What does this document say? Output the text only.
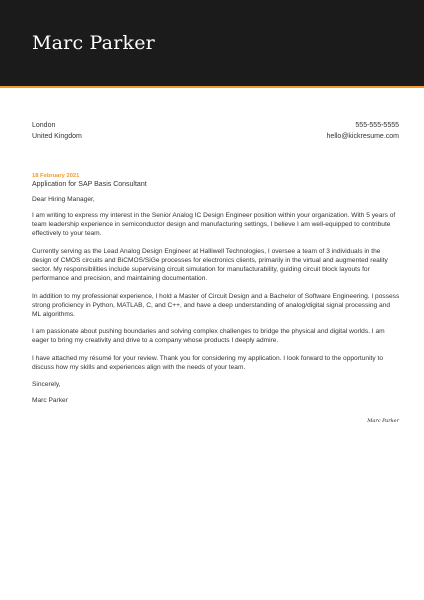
Marc Parker
London
United Kingdom
555-555-5555
hello@kickresume.com
18 February 2021
Application for SAP Basis Consultant

Dear Hiring Manager,

I am writing to express my interest in the Senior Analog IC Design Engineer position within your organization. With 5 years of team leadership experience in semiconductor design and manufacturing settings, I believe I am well-equipped to contribute effectively to your team.

Currently serving as the Lead Analog Design Engineer at Halliwell Technologies, I oversee a team of 3 individuals in the design of CMOS circuits and BiCMOS/SiGe processes for electronics clients, primarily in the virtual and augmented reality sector. My responsibilities include supervising circuit simulation for manufacturability, guiding circuit block layouts for performance and precision, and maintaining documentation.

In addition to my professional experience, I hold a Master of Circuit Design and a Bachelor of Software Engineering. I possess strong proficiency in Python, MATLAB, C, and C++, and have a deep understanding of analog/digital signal processing and ML algorithms.

I am passionate about pushing boundaries and solving complex challenges to bridge the physical and digital worlds. I am eager to bring my creativity and drive to a company whose products I deeply admire.

I have attached my résumé for your review. Thank you for considering my application. I look forward to the opportunity to discuss how my skills and experiences align with the needs of your team.

Sincerely,

Marc Parker

Marc Parker
